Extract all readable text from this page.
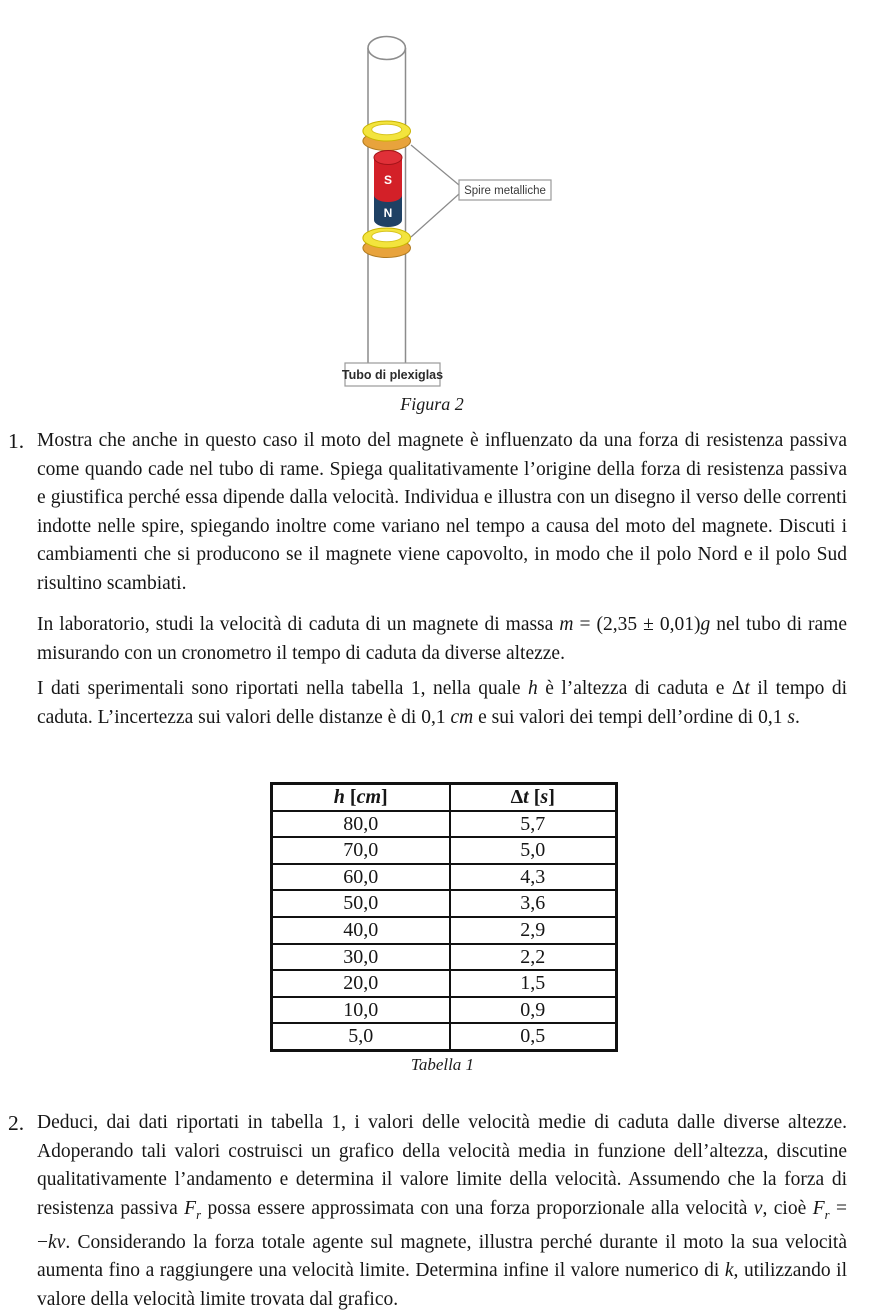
S
N
Spire metalliche
Tubo di plexiglas
Figura 2
1. Mostra che anche in questo caso il moto del magnete è influenzato da una forza di resistenza passiva come quando cade nel tubo di rame. Spiega qualitativamente l’origine della forza di resistenza passiva e giustifica perché essa dipende dalla velocità. Individua e illustra con un disegno il verso delle correnti indotte nelle spire, spiegando inoltre come variano nel tempo a causa del moto del magnete. Discuti i cambiamenti che si producono se il magnete viene capovolto, in modo che il polo Nord e il polo Sud risultino scambiati.

In laboratorio, studi la velocità di caduta di un magnete di massa m = (2,35 ± 0,01)g nel tubo di rame misurando con un cronometro il tempo di caduta da diverse altezze.

I dati sperimentali sono riportati nella tabella 1, nella quale h è l’altezza di caduta e Δt il tempo di caduta. L’incertezza sui valori delle distanze è di 0,1 cm e sui valori dei tempi dell’ordine di 0,1 s.

h [cm]	Δt [s]
80,0	5,7
70,0	5,0
60,0	4,3
50,0	3,6
40,0	2,9
30,0	2,2
20,0	1,5
10,0	0,9
5,0	0,5
Tabella 1
2. Deduci, dai dati riportati in tabella 1, i valori delle velocità medie di caduta dalle diverse altezze. Adoperando tali valori costruisci un grafico della velocità media in funzione dell’altezza, discutine qualitativamente l’andamento e determina il valore limite della velocità. Assumendo che la forza di resistenza passiva $F_r$ possa essere approssimata con una forza proporzionale alla velocità v, cioè $F_r = -kv$. Considerando la forza totale agente sul magnete, illustra perché durante il moto la sua velocità aumenta fino a raggiungere una velocità limite. Determina infine il valore numerico di k, utilizzando il valore della velocità limite trovata dal grafico.
